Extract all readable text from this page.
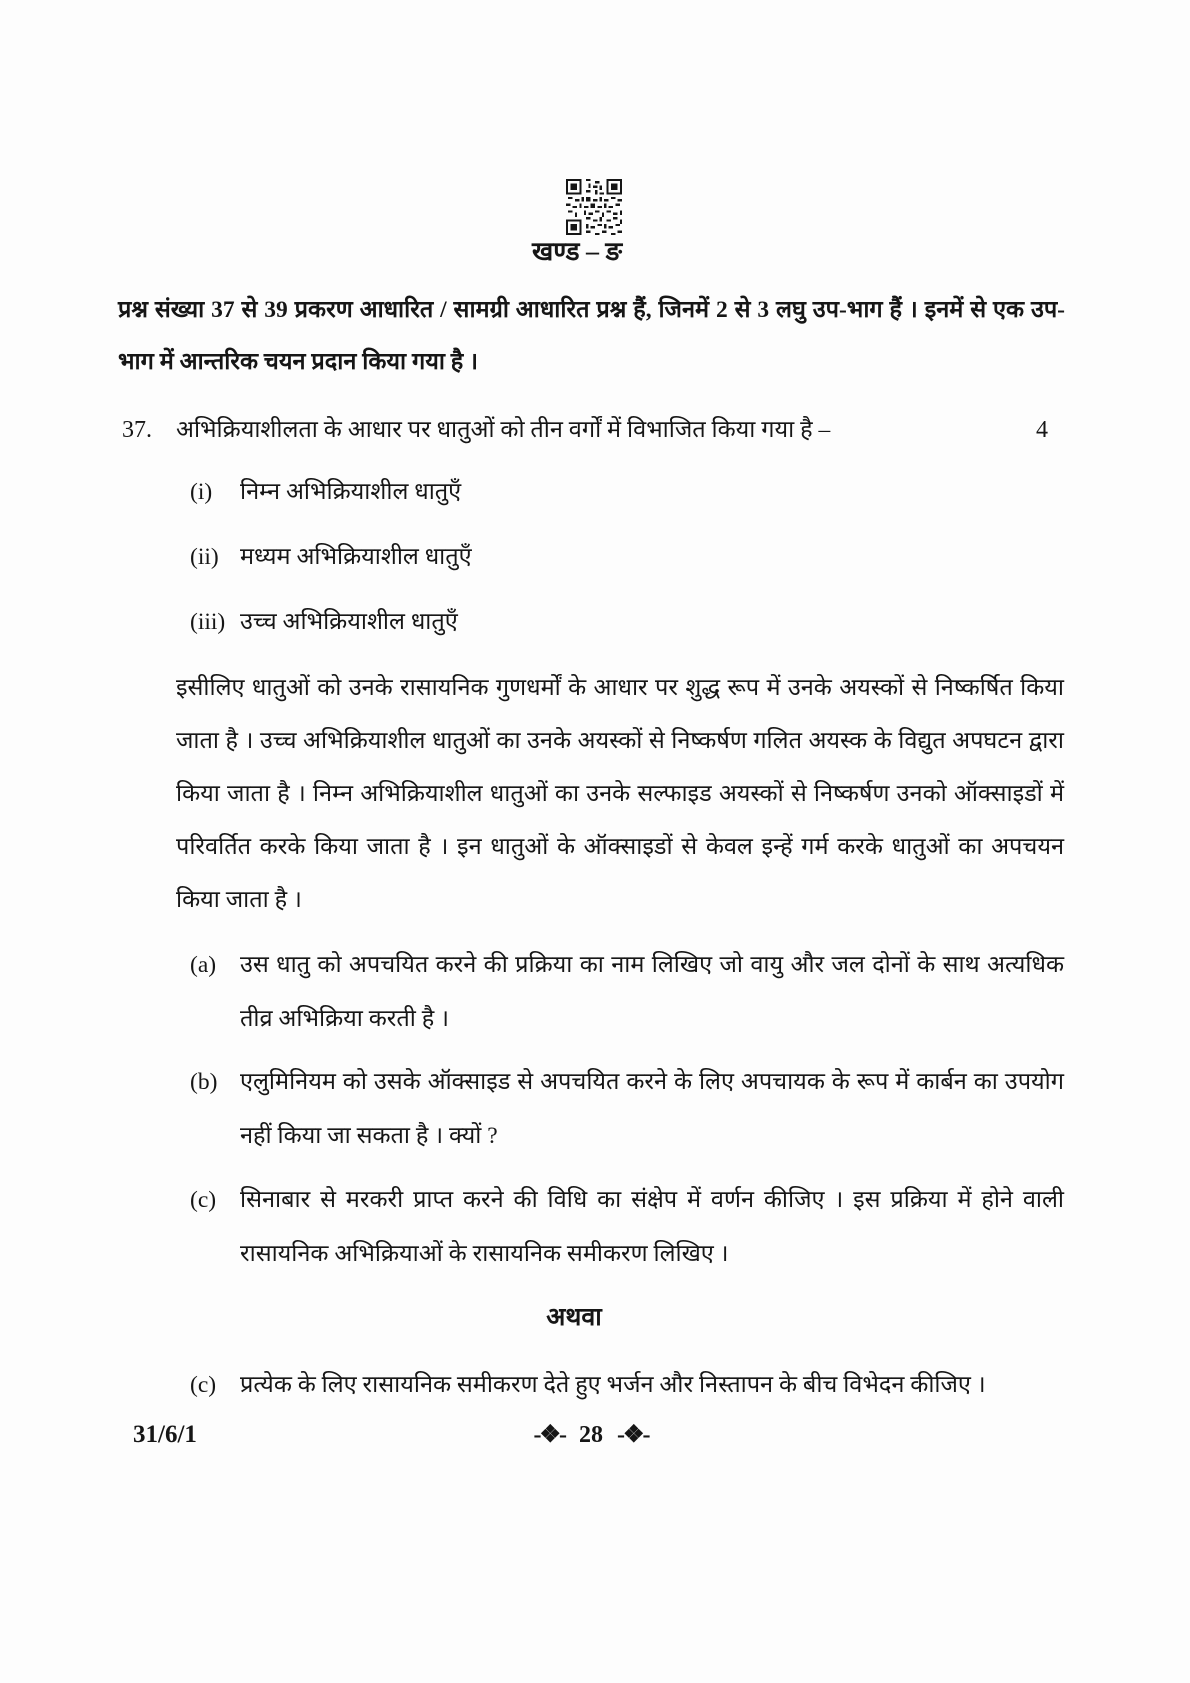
खण्ड – ङ
प्रश्न संख्या 37 से 39 प्रकरण आधारित / सामग्री आधारित प्रश्न हैं, जिनमें 2 से 3 लघु उप-भाग हैं । इनमें से एक उप-भाग में आन्तरिक चयन प्रदान किया गया है ।
37. अभिक्रियाशीलता के आधार पर धातुओं को तीन वर्गों में विभाजित किया गया है –	4
(i) निम्न अभिक्रियाशील धातुएँ
(ii) मध्यम अभिक्रियाशील धातुएँ
(iii) उच्च अभिक्रियाशील धातुएँ
इसीलिए धातुओं को उनके रासायनिक गुणधर्मों के आधार पर शुद्ध रूप में उनके अयस्कों से निष्कर्षित किया जाता है । उच्च अभिक्रियाशील धातुओं का उनके अयस्कों से निष्कर्षण गलित अयस्क के विद्युत अपघटन द्वारा किया जाता है । निम्न अभिक्रियाशील धातुओं का उनके सल्फाइड अयस्कों से निष्कर्षण उनको ऑक्साइडों में परिवर्तित करके किया जाता है । इन धातुओं के ऑक्साइडों से केवल इन्हें गर्म करके धातुओं का अपचयन किया जाता है ।
(a) उस धातु को अपचयित करने की प्रक्रिया का नाम लिखिए जो वायु और जल दोनों के साथ अत्यधिक तीव्र अभिक्रिया करती है ।
(b) एलुमिनियम को उसके ऑक्साइड से अपचयित करने के लिए अपचायक के रूप में कार्बन का उपयोग नहीं किया जा सकता है । क्यों ?
(c) सिनाबार से मरकरी प्राप्त करने की विधि का संक्षेप में वर्णन कीजिए । इस प्रक्रिया में होने वाली रासायनिक अभिक्रियाओं के रासायनिक समीकरण लिखिए ।
अथवा
(c) प्रत्येक के लिए रासायनिक समीकरण देते हुए भर्जन और निस्तापन के बीच विभेदन कीजिए ।
31/6/1	-❖- 28 -❖-
